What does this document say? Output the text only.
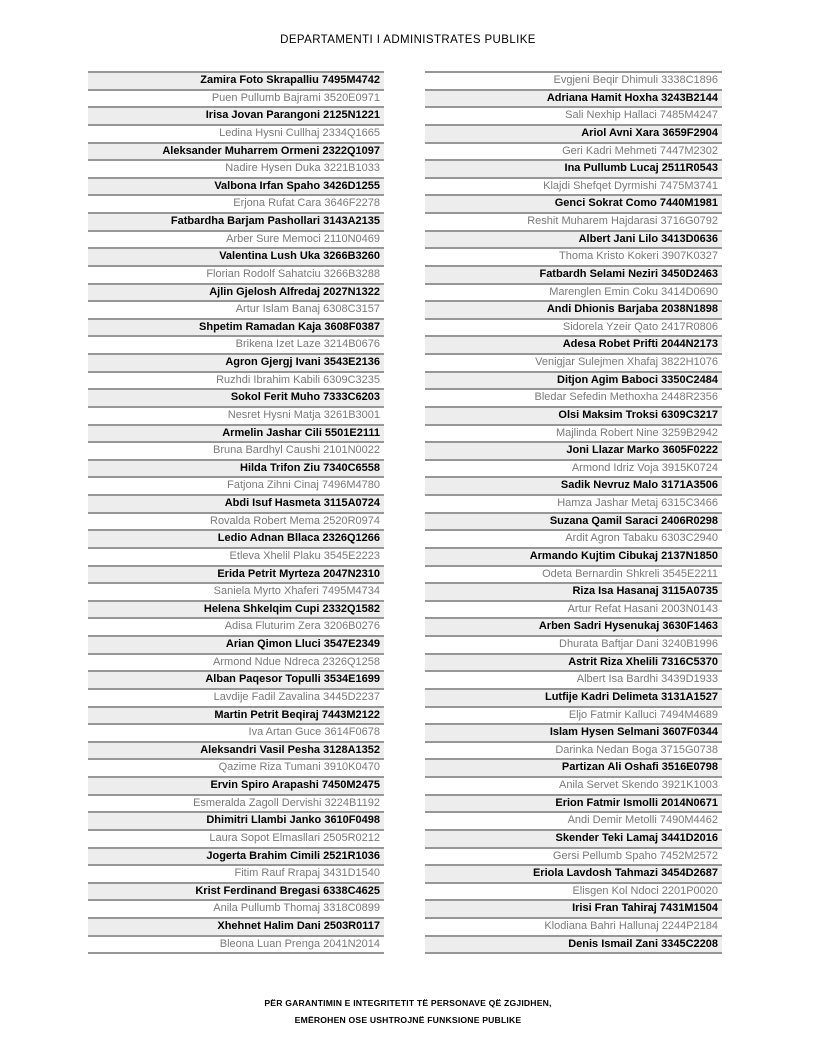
DEPARTAMENTI I ADMINISTRATES PUBLIKE
Zamira Foto Skrapalliu 7495M4742
Puen Pullumb Bajrami 3520E0971
Irisa Jovan Parangoni 2125N1221
Ledina Hysni Cullhaj 2334Q1665
Aleksander Muharrem Ormeni 2322Q1097
Nadire Hysen Duka 3221B1033
Valbona Irfan Spaho 3426D1255
Erjona Rufat Cara 3646F2278
Fatbardha Barjam Pashollari 3143A2135
Arber Sure Memoci 2110N0469
Valentina Lush Uka 3266B3260
Florian Rodolf Sahatciu 3266B3288
Ajlin Gjelosh Alfredaj 2027N1322
Artur Islam Banaj 6308C3157
Shpetim Ramadan Kaja 3608F0387
Brikena Izet Laze 3214B0676
Agron Gjergj Ivani 3543E2136
Ruzhdi Ibrahim Kabili 6309C3235
Sokol Ferit Muho 7333C6203
Nesret Hysni Matja 3261B3001
Armelin Jashar Cili 5501E2111
Bruna Bardhyl Caushi 2101N0022
Hilda Trifon Ziu 7340C6558
Fatjona Zihni Cinaj 7496M4780
Abdi Isuf Hasmeta 3115A0724
Rovalda Robert Mema 2520R0974
Ledio Adnan Bllaca 2326Q1266
Etleva Xhelil Plaku 3545E2223
Erida Petrit Myrteza 2047N2310
Saniela Myrto Xhaferi 7495M4734
Helena Shkelqim Cupi 2332Q1582
Adisa Fluturim Zera 3206B0276
Arian Qimon Lluci 3547E2349
Armond Ndue Ndreca 2326Q1258
Alban Paqesor Topulli 3534E1699
Lavdije Fadil Zavalina 3445D2237
Martin Petrit Beqiraj 7443M2122
Iva Artan Guce 3614F0678
Aleksandri Vasil Pesha 3128A1352
Qazime Riza Tumani 3910K0470
Ervin Spiro Arapashi 7450M2475
Esmeralda Zagoll Dervishi 3224B1192
Dhimitri Llambi Janko 3610F0498
Laura Sopot Elmasllari 2505R0212
Jogerta Brahim Cimili 2521R1036
Fitim Rauf Rrapaj 3431D1540
Krist Ferdinand Bregasi 6338C4625
Anila Pullumb Thomaj 3318C0899
Xhehnet Halim Dani 2503R0117
Bleona Luan Prenga 2041N2014
Evgjeni Beqir Dhimuli 3338C1896
Adriana Hamit Hoxha 3243B2144
Sali Nexhip Hallaci 7485M4247
Ariol Avni Xara 3659F2904
Geri Kadri Mehmeti 7447M2302
Ina Pullumb Lucaj 2511R0543
Klajdi Shefqet Dyrmishi 7475M3741
Genci Sokrat Como 7440M1981
Reshit Muharem Hajdarasi 3716G0792
Albert Jani Lilo 3413D0636
Thoma Kristo Kokeri 3907K0327
Fatbardh Selami Neziri 3450D2463
Marenglen Emin Coku 3414D0690
Andi Dhionis Barjaba 2038N1898
Sidorela Yzeir Qato 2417R0806
Adesa Robet Prifti 2044N2173
Venigjar Sulejmen Xhafaj 3822H1076
Ditjon Agim Baboci 3350C2484
Bledar Sefedin Methoxha 2448R2356
Olsi Maksim Troksi 6309C3217
Majlinda Robert Nine 3259B2942
Joni Llazar Marko 3605F0222
Armond Idriz Voja 3915K0724
Sadik Nevruz Malo 3171A3506
Hamza Jashar Metaj 6315C3466
Suzana Qamil Saraci 2406R0298
Ardit Agron Tabaku 6303C2940
Armando Kujtim Cibukaj 2137N1850
Odeta Bernardin Shkreli 3545E2211
Riza Isa Hasanaj 3115A0735
Artur Refat Hasani 2003N0143
Arben Sadri Hysenukaj 3630F1463
Dhurata Baftjar Dani 3240B1996
Astrit Riza Xhelili 7316C5370
Albert Isa Bardhi 3439D1933
Lutfije Kadri Delimeta 3131A1527
Eljo Fatmir Kalluci 7494M4689
Islam Hysen Selmani 3607F0344
Darinka Nedan Boga 3715G0738
Partizan Ali Oshafi 3516E0798
Anila Servet Skendo 3921K1003
Erion Fatmir Ismolli 2014N0671
Andi Demir Metolli 7490M4462
Skender Teki Lamaj 3441D2016
Gersi Pellumb Spaho 7452M2572
Eriola Lavdosh Tahmazi 3454D2687
Elisgen Kol Ndoci 2201P0020
Irisi Fran Tahiraj 7431M1504
Klodiana Bahri Hallunaj 2244P2184
Denis Ismail Zani 3345C2208
PËR GARANTIMIN E INTEGRITETIT TË PERSONAVE QË ZGJIDHEN,
EMËROHEN OSE USHTROJNË FUNKSIONE PUBLIKE
